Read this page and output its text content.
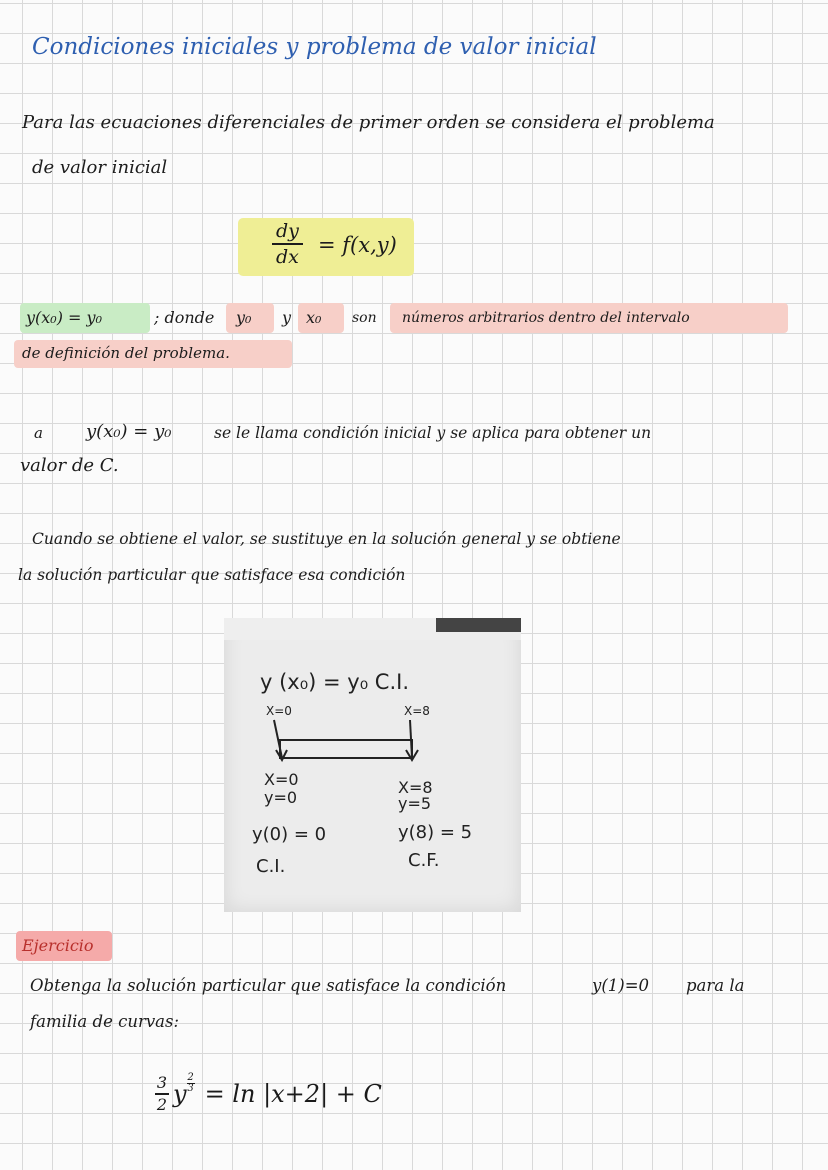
Condiciones iniciales y problema de valor inicial
Para las ecuaciones diferenciales de primer orden se considera el problema
de valor inicial
dy
dx = f(x,y)
y(x₀) = y₀	; donde y₀ y x₀ son números arbitrarios dentro del intervalo
de definición del problema.
a y(x₀) = y₀	se le llama condición inicial y se aplica para obtener un
valor de C.
Cuando se obtiene el valor, se sustituye en la solución general y se obtiene
la solución particular que satisface esa condición
y (x₀) = y₀ C.I.
X=0	X=8
X=0
y=0
X=8
y=5
y(0) = 0	y(8) = 5
C.I.	C.F.
Ejercicio
Obtenga la solución particular que satisface la condición	y(1)=0 para la
familia de curvas:
3
2 y
2
3 = ln |x+2| + C
